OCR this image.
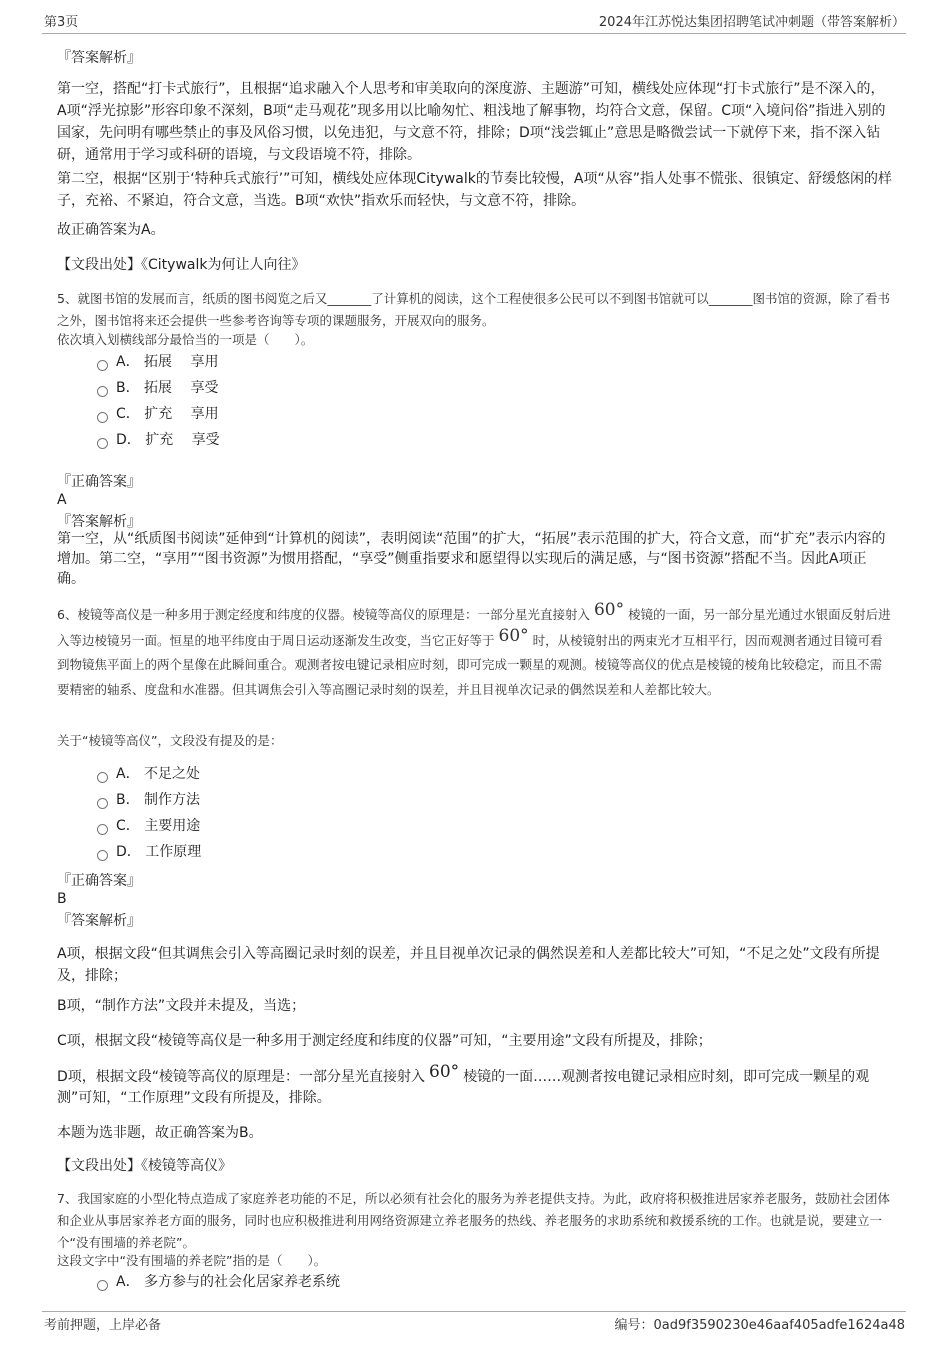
第3页	2024年江苏悦达集团招聘笔试冲刺题（带答案解析）
『答案解析』
第一空，搭配“打卡式旅行”，且根据“追求融入个人思考和审美取向的深度游、主题游”可知，横线处应体现“打卡式旅行”是不深入的，A项“浮光掠影”形容印象不深刻，B项“走马观花”现多用以比喻匆忙、粗浅地了解事物，均符合文意，保留。C项“入境问俗”指进入别的国家，先问明有哪些禁止的事及风俗习惯，以免违犯，与文意不符，排除；D项“浅尝辄止”意思是略微尝试一下就停下来，指不深入钻研，通常用于学习或科研的语境，与文段语境不符，排除。
第二空，根据“区别于‘特种兵式旅行’”可知，横线处应体现Citywalk的节奏比较慢，A项“从容”指人处事不慌张、很镇定、舒缓悠闲的样子，充裕、不紧迫，符合文意，当选。B项“欢快”指欢乐而轻快，与文意不符，排除。
故正确答案为A。
【文段出处】《Citywalk为何让人向往》
5、就图书馆的发展而言，纸质的图书阅览之后又_______了计算机的阅读，这个工程使很多公民可以不到图书馆就可以_______图书馆的资源，除了看书之外，图书馆将来还会提供一些参考咨询等专项的课题服务，开展双向的服务。
依次填入划横线部分最恰当的一项是（　　）。
A． 拓展　 享用
B． 拓展　 享受
C． 扩充　 享用
D． 扩充　 享受
『正确答案』
A
『答案解析』
第一空，从“纸质图书阅读”延伸到“计算机的阅读”，表明阅读“范围”的扩大，“拓展”表示范围的扩大，符合文意，而“扩充”表示内容的增加。第二空，“享用”“图书资源”为惯用搭配，“享受”侧重指要求和愿望得以实现后的满足感，与“图书资源”搭配不当。因此A项正确。
6、棱镜等高仪是一种多用于测定经度和纬度的仪器。棱镜等高仪的原理是：一部分星光直接射入 60° 棱镜的一面，另一部分星光通过水银面反射后进入等边棱镜另一面。恒星的地平纬度由于周日运动逐渐发生改变，当它正好等于 60° 时，从棱镜射出的两束光才互相平行，因而观测者通过目镜可看到物镜焦平面上的两个星像在此瞬间重合。观测者按电键记录相应时刻，即可完成一颗星的观测。棱镜等高仪的优点是棱镜的棱角比较稳定，而且不需要精密的轴系、度盘和水准器。但其调焦会引入等高圈记录时刻的误差，并且目视单次记录的偶然误差和人差都比较大。
关于“棱镜等高仪”，文段没有提及的是：
A． 不足之处
B． 制作方法
C． 主要用途
D． 工作原理
『正确答案』
B
『答案解析』
A项，根据文段“但其调焦会引入等高圈记录时刻的误差，并且目视单次记录的偶然误差和人差都比较大”可知，“不足之处”文段有所提及，排除；
B项，“制作方法”文段并未提及，当选；
C项，根据文段“棱镜等高仪是一种多用于测定经度和纬度的仪器”可知，“主要用途”文段有所提及，排除；
D项，根据文段“棱镜等高仪的原理是：一部分星光直接射入 60° 棱镜的一面……观测者按电键记录相应时刻，即可完成一颗星的观测”可知，“工作原理”文段有所提及，排除。
本题为选非题，故正确答案为B。
【文段出处】《棱镜等高仪》
7、我国家庭的小型化特点造成了家庭养老功能的不足，所以必须有社会化的服务为养老提供支持。为此，政府将积极推进居家养老服务，鼓励社会团体和企业从事居家养老方面的服务，同时也应积极推进利用网络资源建立养老服务的热线、养老服务的求助系统和救援系统的工作。也就是说，要建立一个“没有围墙的养老院”。
这段文字中“没有围墙的养老院”指的是（　　）。
A． 多方参与的社会化居家养老系统
考前押题，上岸必备	编号：0ad9f3590230e46aaf405adfe1624a48
